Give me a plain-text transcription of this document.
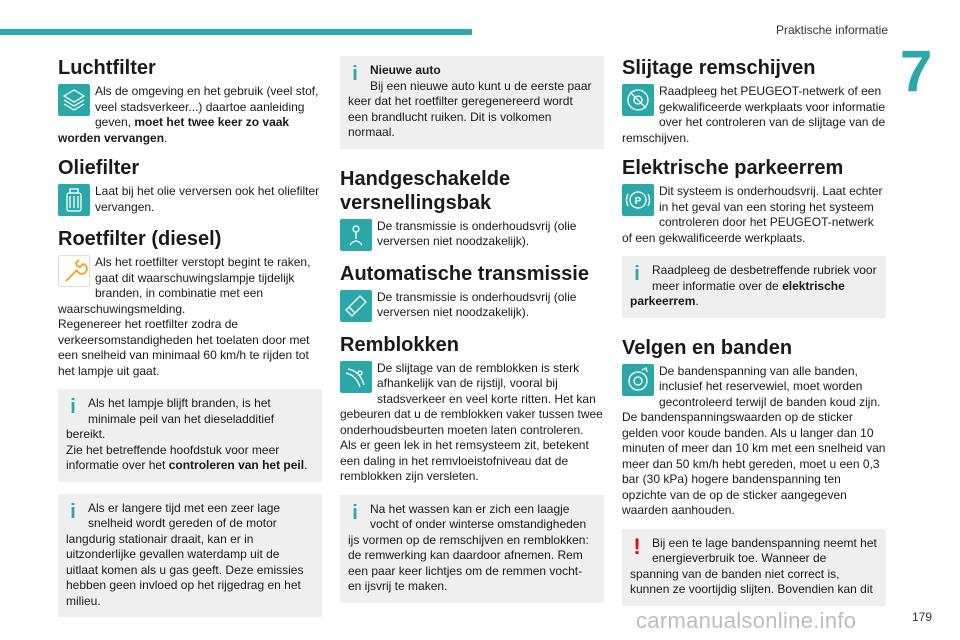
Praktische informatie
7
Luchtfilter

Als de omgeving en het gebruik (veel stof, veel stadsverkeer...) daartoe aanleiding geven, moet het twee keer zo vaak worden vervangen.

Oliefilter

Laat bij het olie verversen ook het oliefilter vervangen.

Roetfilter (diesel)

Als het roetfilter verstopt begint te raken, gaat dit waarschuwingslampje tijdelijk branden, in combinatie met een waarschuwingsmelding.
Regenereer het roetfilter zodra de verkeersomstandigheden het toelaten door met een snelheid van minimaal 60 km/h te rijden tot het lampje uit gaat.

i	Als het lampje blijft branden, is het minimale peil van het dieseladditief bereikt.
Zie het betreffende hoofdstuk voor meer informatie over het controleren van het peil.
i	Als er langere tijd met een zeer lage snelheid wordt gereden of de motor langdurig stationair draait, kan er in uitzonderlijke gevallen waterdamp uit de uitlaat komen als u gas geeft. Deze emissies hebben geen invloed op het rijgedrag en het milieu.
i	Nieuwe auto
Bij een nieuwe auto kunt u de eerste paar keer dat het roetfilter geregenereerd wordt een brandlucht ruiken. Dit is volkomen normaal.
Handgeschakelde versnellingsbak

De transmissie is onderhoudsvrij (olie verversen niet noodzakelijk).

Automatische transmissie

De transmissie is onderhoudsvrij (olie verversen niet noodzakelijk).

Remblokken

De slijtage van de remblokken is sterk afhankelijk van de rijstijl, vooral bij stadsverkeer en veel korte ritten. Het kan gebeuren dat u de remblokken vaker tussen twee onderhoudsbeurten moeten laten controleren.
Als er geen lek in het remsysteem zit, betekent een daling in het remvloeistofniveau dat de remblokken zijn versleten.

i	Na het wassen kan er zich een laagje vocht of onder winterse omstandigheden ijs vormen op de remschijven en remblokken: de remwerking kan daardoor afnemen. Rem een paar keer lichtjes om de remmen vocht- en ijsvrij te maken.
Slijtage remschijven

Raadpleeg het PEUGEOT-netwerk of een gekwalificeerde werkplaats voor informatie over het controleren van de slijtage van de remschijven.

Elektrische parkeerrem

P
Dit systeem is onderhoudsvrij. Laat echter in het geval van een storing het systeem controleren door het PEUGEOT-netwerk of een gekwalificeerde werkplaats.

i	Raadpleeg de desbetreffende rubriek voor meer informatie over de elektrische parkeerrem.
Velgen en banden

De bandenspanning van alle banden, inclusief het reservewiel, moet worden gecontroleerd terwijl de banden koud zijn.
De bandenspanningswaarden op de sticker gelden voor koude banden. Als u langer dan 10 minuten of meer dan 10 km met een snelheid van meer dan 50 km/h hebt gereden, moet u een 0,3 bar (30 kPa) hogere bandenspanning ten opzichte van de op de sticker aangegeven waarden aanhouden.

! Bij een te lage bandenspanning neemt het energieverbruik toe. Wanneer de spanning van de banden niet correct is, kunnen ze voortijdig slijten. Bovendien kan dit
carmanualsonline.info	179
